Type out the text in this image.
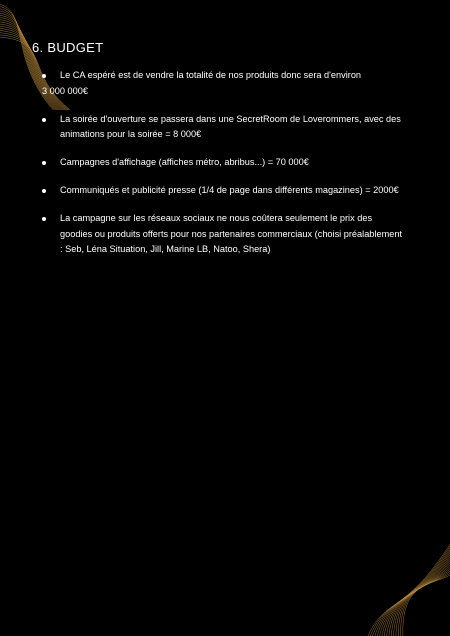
6. BUDGET
Le CA espéré est de vendre la totalité de nos produits donc sera d'environ
3 000 000€
La soirée d'ouverture se passera dans une SecretRoom de Loverommers, avec des animations pour la soirée = 8 000€
Campagnes d'affichage (affiches métro, abribus...) = 70 000€
Communiqués et publicité presse (1/4 de page dans différents magazines) = 2000€
La campagne sur les réseaux sociaux ne nous coûtera seulement le prix des goodies ou produits offerts pour nos partenaires commerciaux (choisi préalablement : Seb, Léna Situation, Jill, Marine LB, Natoo, Shera)
